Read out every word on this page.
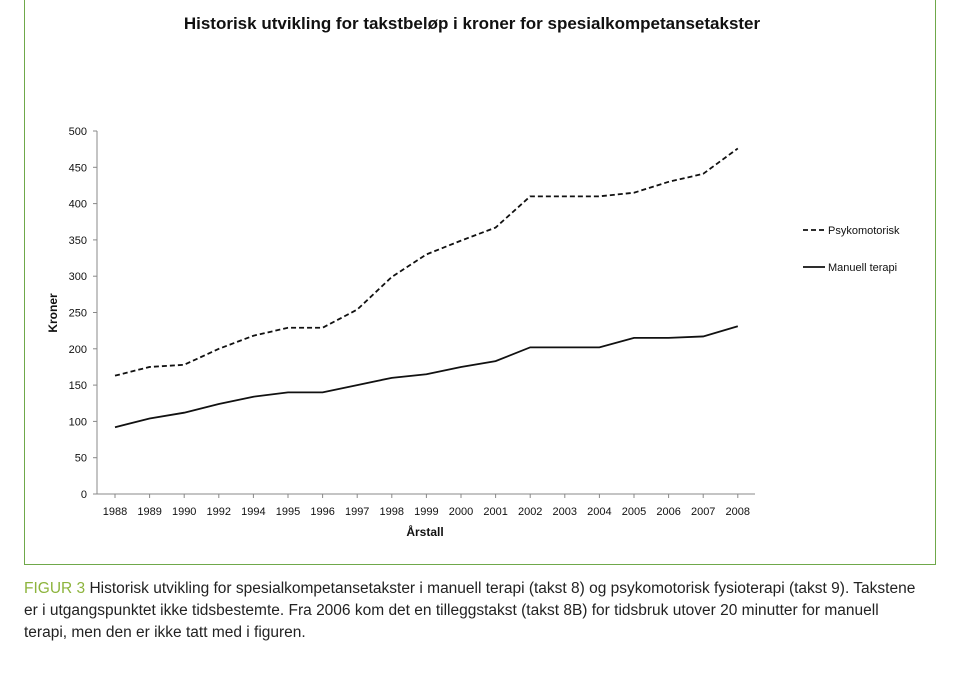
Historisk utvikling for takstbeløp i kroner for spesialkompetansetakster
0
50
100
150
200
250
300
350
400
450
500
1988 1989 1990 1992 1994 1995 1996 1997 1998 1999 2000 2001 2002 2003 2004 2005 2006 2007 2008
Psykomotorisk
Manuell terapi
Årstall
Kroner
FIGUR 3 Historisk utvikling for spesialkompetansetakster i manuell terapi (takst 8) og psykomotorisk fysioterapi (takst 9). Takstene er i utgangspunktet ikke tidsbestemte. Fra 2006 kom det en tilleggstakst (takst 8B) for tidsbruk utover 20 minutter for manuell terapi, men den er ikke tatt med i figuren.
